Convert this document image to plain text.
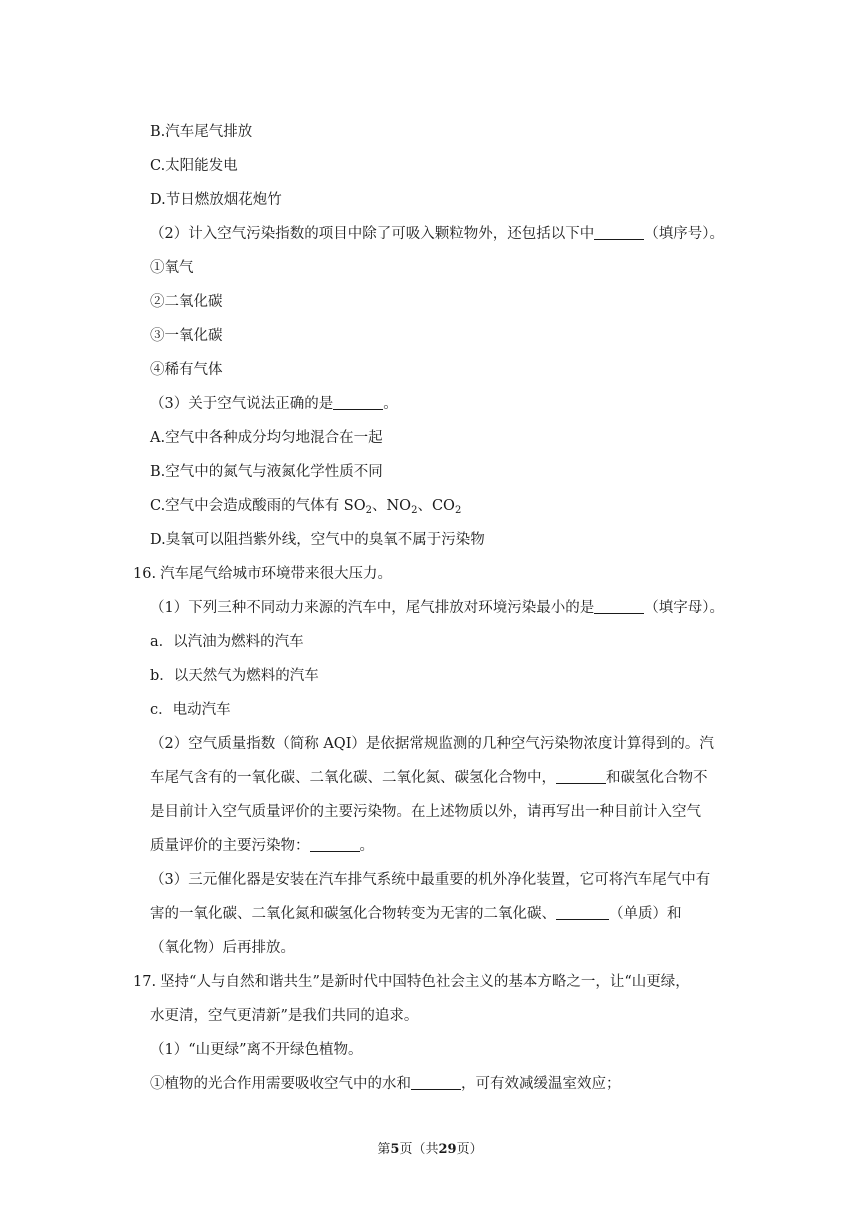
B.汽车尾气排放
C.太阳能发电
D.节日燃放烟花炮竹
（2）计入空气污染指数的项目中除了可吸入颗粒物外，还包括以下中	（填序号）。
①氧气
②二氧化碳
③一氧化碳
④稀有气体
（3）关于空气说法正确的是	。
A.空气中各种成分均匀地混合在一起
B.空气中的氮气与液氮化学性质不同
C.空气中会造成酸雨的气体有 $SO_2$、$NO_2$、$CO_2$
D.臭氧可以阻挡紫外线，空气中的臭氧不属于污染物
16. 汽车尾气给城市环境带来很大压力。
（1）下列三种不同动力来源的汽车中，尾气排放对环境污染最小的是	（填字母）。
a．以汽油为燃料的汽车
b．以天然气为燃料的汽车
c．电动汽车
（2）空气质量指数（简称 AQI）是依据常规监测的几种空气污染物浓度计算得到的。汽
车尾气含有的一氧化碳、二氧化碳、二氧化氮、碳氢化合物中，	和碳氢化合物不
是目前计入空气质量评价的主要污染物。在上述物质以外，请再写出一种目前计入空气
质量评价的主要污染物：	。
（3）三元催化器是安装在汽车排气系统中最重要的机外净化装置，它可将汽车尾气中有
害的一氧化碳、二氧化氮和碳氢化合物转变为无害的二氧化碳、	（单质）和
（氧化物）后再排放。
17. 坚持“人与自然和谐共生”是新时代中国特色社会主义的基本方略之一，让“山更绿，
水更清，空气更清新”是我们共同的追求。
（1）“山更绿”离不开绿色植物。
①植物的光合作用需要吸收空气中的水和	，可有效减缓温室效应；
第5页（共29页）
